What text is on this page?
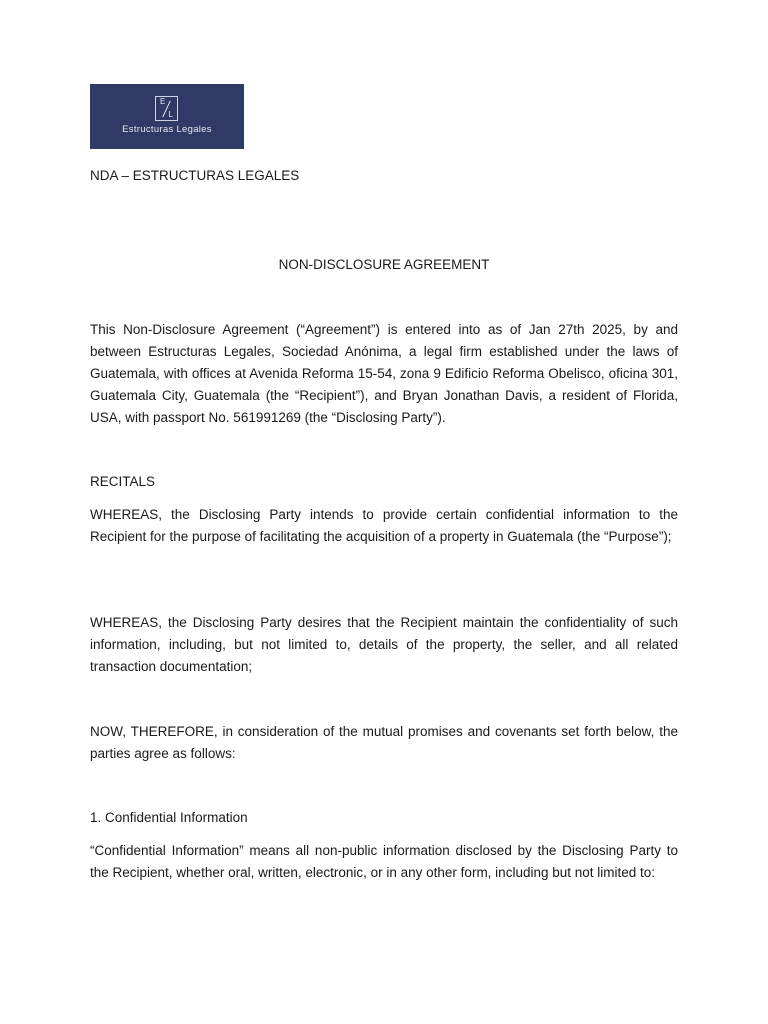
E
L
Estructuras Legales

NDA – ESTRUCTURAS LEGALES

NON-DISCLOSURE AGREEMENT

This Non-Disclosure Agreement (“Agreement”) is entered into as of Jan 27th 2025, by and between Estructuras Legales, Sociedad Anónima, a legal firm established under the laws of Guatemala, with offices at Avenida Reforma 15-54, zona 9 Edificio Reforma Obelisco, oficina 301, Guatemala City, Guatemala (the “Recipient”), and Bryan Jonathan Davis, a resident of Florida, USA, with passport No. 561991269 (the “Disclosing Party”).

RECITALS

WHEREAS, the Disclosing Party intends to provide certain confidential information to the Recipient for the purpose of facilitating the acquisition of a property in Guatemala (the “Purpose”);

WHEREAS, the Disclosing Party desires that the Recipient maintain the confidentiality of such information, including, but not limited to, details of the property, the seller, and all related transaction documentation;

NOW, THEREFORE, in consideration of the mutual promises and covenants set forth below, the parties agree as follows:

1. Confidential Information

“Confidential Information” means all non-public information disclosed by the Disclosing Party to the Recipient, whether oral, written, electronic, or in any other form, including but not limited to:
